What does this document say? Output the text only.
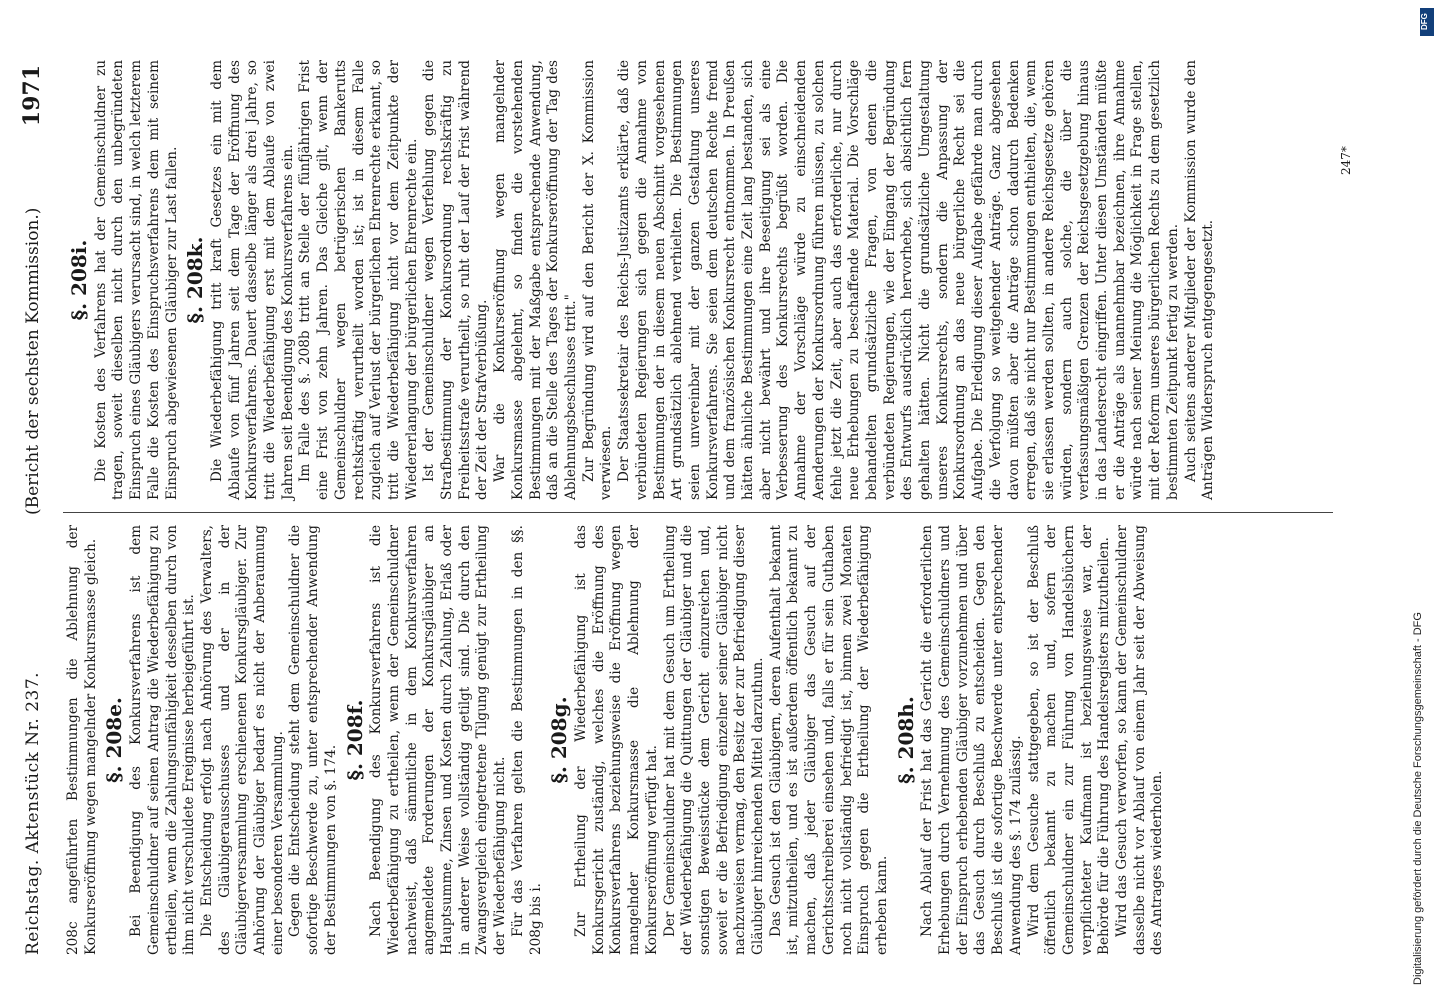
Reichstag. Aktenstück Nr. 237.
(Bericht der sechsten Kommission.)
1971

208c angeführten Bestimmungen die Ablehnung der Konkurseröffnung wegen mangelnder Konkursmasse gleich. §. 208e. Bei Beendigung des Konkursverfahrens ist dem Gemeinschuldner auf seinen Antrag die Wiederbefähigung zu ertheilen, wenn die Zahlungsunfähigkeit desselben durch von ihm nicht verschuldete Ereignisse herbeigeführt ist. Die Entscheidung erfolgt nach Anhörung des Verwalters, des Gläubigerausschusses und der in der Gläubigerversammlung erschienenen Konkursgläubiger. Zur Anhörung der Gläubiger bedarf es nicht der Anberaumung einer besonderen Versammlung. Gegen die Entscheidung steht dem Gemeinschuldner die sofortige Beschwerde zu, unter entsprechender Anwendung der Bestimmungen von §. 174.

§. 208f. Nach Beendigung des Konkursverfahrens ist die Wiederbefähigung zu ertheilen, wenn der Gemeinschuldner nachweist, daß sämmtliche in dem Konkursverfahren angemeldete Forderungen der Konkursgläubiger an Hauptsumme, Zinsen und Kosten durch Zahlung, Erlaß oder in anderer Weise vollständig getilgt sind. Die durch den Zwangsvergleich eingetretene Tilgung genügt zur Ertheilung der Wiederbefähigung nicht. Für das Verfahren gelten die Bestimmungen in den §§. 208g bis i.

§. 208g. Zur Ertheilung der Wiederbefähigung ist das Konkursgericht zuständig, welches die Eröffnung des Konkursverfahrens beziehungsweise die Eröffnung wegen mangelnder Konkursmasse die Ablehnung der Konkurseröffnung verfügt hat. Der Gemeinschuldner hat mit dem Gesuch um Ertheilung der Wiederbefähigung die Quittungen der Gläubiger und die sonstigen Beweisstücke dem Gericht einzureichen und, soweit er die Befriedigung einzelner seiner Gläubiger nicht nachzuweisen vermag, den Besitz der zur Befriedigung dieser Gläubiger hinreichenden Mittel darzuthun. Das Gesuch ist den Gläubigern, deren Aufenthalt bekannt ist, mitzutheilen, und es ist außerdem öffentlich bekannt zu machen, daß jeder Gläubiger das Gesuch auf der Gerichtsschreiberei einsehen und, falls er für sein Guthaben noch nicht vollständig befriedigt ist, binnen zwei Monaten Einspruch gegen die Ertheilung der Wiederbefähigung erheben kann.

§. 208h. Nach Ablauf der Frist hat das Gericht die erforderlichen Erhebungen durch Vernehmung des Gemeinschuldners und der Einspruch erhebenden Gläubiger vorzunehmen und über das Gesuch durch Beschluß zu entscheiden. Gegen den Beschluß ist die sofortige Beschwerde unter entsprechender Anwendung des §. 174 zulässig. Wird dem Gesuche stattgegeben, so ist der Beschluß öffentlich bekannt zu machen und, sofern der Gemeinschuldner ein zur Führung von Handelsbüchern verpflichteter Kaufmann ist beziehungsweise war, der Behörde für die Führung des Handelsregisters mitzutheilen. Wird das Gesuch verworfen, so kann der Gemeinschuldner dasselbe nicht vor Ablauf von einem Jahr seit der Abweisung des Antrages wiederholen.

§. 208i. Die Kosten des Verfahrens hat der Gemeinschuldner zu tragen, soweit dieselben nicht durch den unbegründeten Einspruch eines Gläubigers verursacht sind, in welch letzterem Falle die Kosten des Einspruchsverfahrens dem mit seinem Einspruch abgewiesenen Gläubiger zur Last fallen. §. 208k. Die Wiederbefähigung tritt kraft Gesetzes ein mit dem Ablaufe von fünf Jahren seit dem Tage der Eröffnung des Konkursverfahrens. Dauert dasselbe länger als drei Jahre, so tritt die Wiederbefähigung erst mit dem Ablaufe von zwei Jahren seit Beendigung des Konkursverfahrens ein. Im Falle des §. 208b tritt an Stelle der fünfjährigen Frist eine Frist von zehn Jahren. Das Gleiche gilt, wenn der Gemeinschuldner wegen betrügerischen Bankerutts rechtskräftig verurtheilt worden ist; ist in diesem Falle zugleich auf Verlust der bürgerlichen Ehrenrechte erkannt, so tritt die Wiederbefähigung nicht vor dem Zeitpunkte der Wiedererlangung der bürgerlichen Ehrenrechte ein. Ist der Gemeinschuldner wegen Verfehlung gegen die Strafbestimmung der Konkursordnung rechtskräftig zu Freiheitsstrafe verurtheilt, so ruht der Lauf der Frist während der Zeit der Strafverbüßung. War die Konkurseröffnung wegen mangelnder Konkursmasse abgelehnt, so finden die vorstehenden Bestimmungen mit der Maßgabe entsprechende Anwendung, daß an die Stelle des Tages der Konkurseröffnung der Tag des Ablehnungsbeschlusses tritt." Zur Begründung wird auf den Bericht der X. Kommission verwiesen. Der Staatssekretair des Reichs-Justizamts erklärte, daß die verbündeten Regierungen sich gegen die Annahme von Bestimmungen der in diesem neuen Abschnitt vorgesehenen Art grundsätzlich ablehnend verhielten. Die Bestimmungen seien unvereinbar mit der ganzen Gestaltung unseres Konkursverfahrens. Sie seien dem deutschen Rechte fremd und dem französischen Konkursrecht entnommen. In Preußen hätten ähnliche Bestimmungen eine Zeit lang bestanden, sich aber nicht bewährt und ihre Beseitigung sei als eine Verbesserung des Konkursrechts begrüßt worden. Die Annahme der Vorschläge würde zu einschneidenden Aenderungen der Konkursordnung führen müssen, zu solchen fehle jetzt die Zeit, aber auch das erforderliche, nur durch neue Erhebungen zu beschaffende Material. Die Vorschläge behandelten grundsätzliche Fragen, von denen die verbündeten Regierungen, wie der Eingang der Begründung des Entwurfs ausdrücklich hervorhebe, sich absichtlich fern gehalten hätten. Nicht die grundsätzliche Umgestaltung unseres Konkursrechts, sondern die Anpassung der Konkursordnung an das neue bürgerliche Recht sei die Aufgabe. Die Erledigung dieser Aufgabe gefährde man durch die Verfolgung so weitgehender Anträge. Ganz abgesehen davon müßten aber die Anträge schon dadurch Bedenken erregen, daß sie nicht nur Bestimmungen enthielten, die, wenn sie erlassen werden sollten, in andere Reichsgesetze gehören würden, sondern auch solche, die über die verfassungsmäßigen Grenzen der Reichsgesetzgebung hinaus in das Landesrecht eingriffen. Unter diesen Umständen müßte er die Anträge als unannehmbar bezeichnen, ihre Annahme würde nach seiner Meinung die Möglichkeit in Frage stellen, mit der Reform unseres bürgerlichen Rechts zu dem gesetzlich bestimmten Zeitpunkt fertig zu werden. Auch seitens anderer Mitglieder der Kommission wurde den Anträgen Widerspruch entgegengesetzt.

247*
Digitalisierung gefördert durch die Deutsche Forschungsgemeinschaft - DFG
DFG
